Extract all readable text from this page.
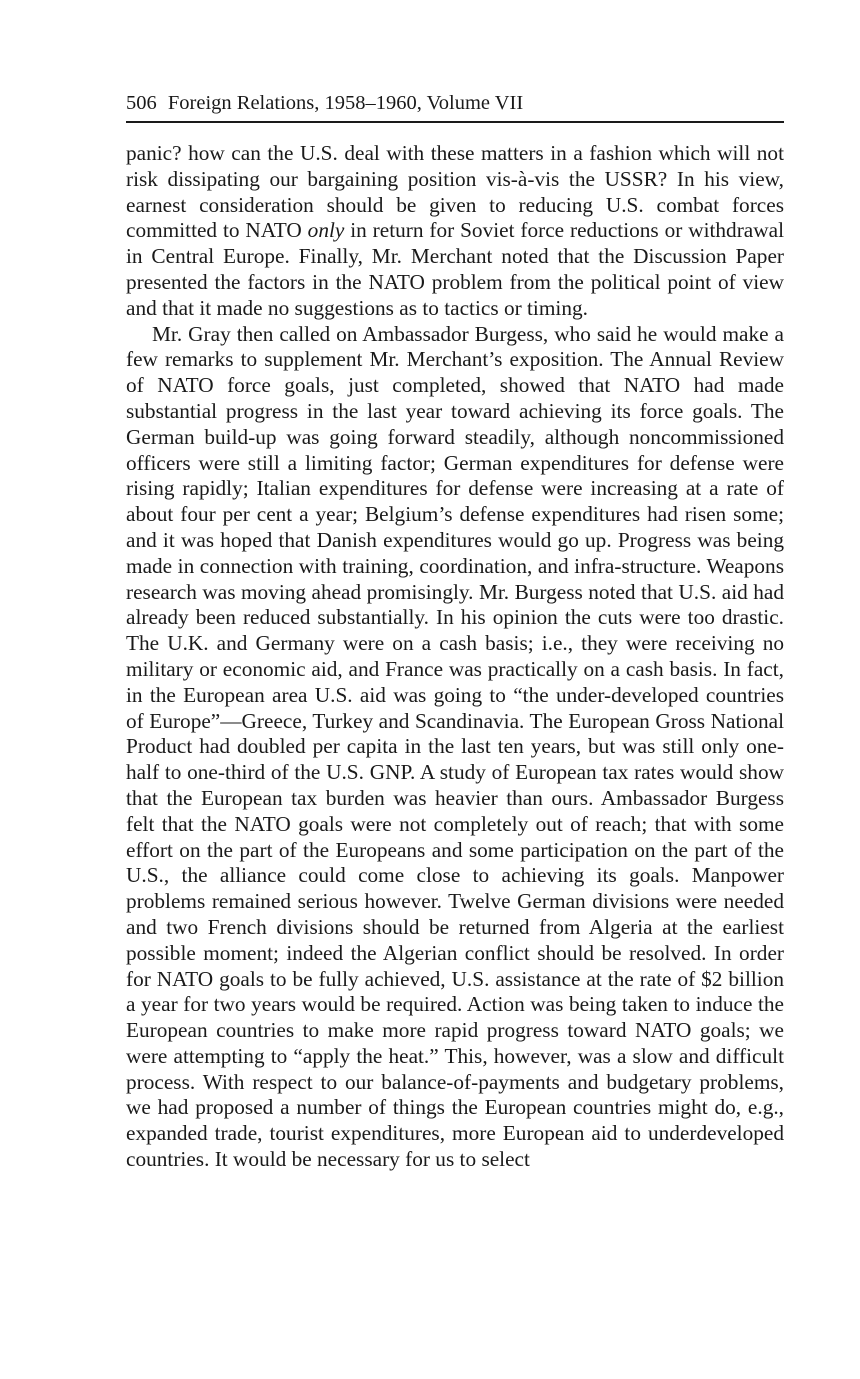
506 Foreign Relations, 1958–1960, Volume VII

panic? how can the U.S. deal with these matters in a fashion which will not risk dissipating our bargaining position vis-à-vis the USSR? In his view, earnest consideration should be given to reducing U.S. combat forces committed to NATO only in return for Soviet force reductions or withdrawal in Central Europe. Finally, Mr. Merchant noted that the Discussion Paper presented the factors in the NATO problem from the political point of view and that it made no suggestions as to tactics or timing.

Mr. Gray then called on Ambassador Burgess, who said he would make a few remarks to supplement Mr. Merchant’s exposition. The Annual Review of NATO force goals, just completed, showed that NATO had made substantial progress in the last year toward achieving its force goals. The German build-up was going forward steadily, although noncommissioned officers were still a limiting factor; German expenditures for defense were rising rapidly; Italian expenditures for defense were increasing at a rate of about four per cent a year; Belgium’s defense expenditures had risen some; and it was hoped that Danish expenditures would go up. Progress was being made in connection with training, coordination, and infra-structure. Weapons research was moving ahead promisingly. Mr. Burgess noted that U.S. aid had already been reduced substantially. In his opinion the cuts were too drastic. The U.K. and Germany were on a cash basis; i.e., they were receiving no military or economic aid, and France was practically on a cash basis. In fact, in the European area U.S. aid was going to “the under-developed countries of Europe”—Greece, Turkey and Scandinavia. The European Gross National Product had doubled per capita in the last ten years, but was still only one-half to one-third of the U.S. GNP. A study of European tax rates would show that the European tax burden was heavier than ours. Ambassador Burgess felt that the NATO goals were not completely out of reach; that with some effort on the part of the Europeans and some participation on the part of the U.S., the alliance could come close to achieving its goals. Manpower problems remained serious however. Twelve German divisions were needed and two French divisions should be returned from Algeria at the earliest possible moment; indeed the Algerian conflict should be resolved. In order for NATO goals to be fully achieved, U.S. assistance at the rate of $2 billion a year for two years would be required. Action was being taken to induce the European countries to make more rapid progress toward NATO goals; we were attempting to “apply the heat.” This, however, was a slow and difficult process. With respect to our balance-of-payments and budgetary problems, we had proposed a number of things the European countries might do, e.g., expanded trade, tourist expenditures, more European aid to underdeveloped countries. It would be necessary for us to select
